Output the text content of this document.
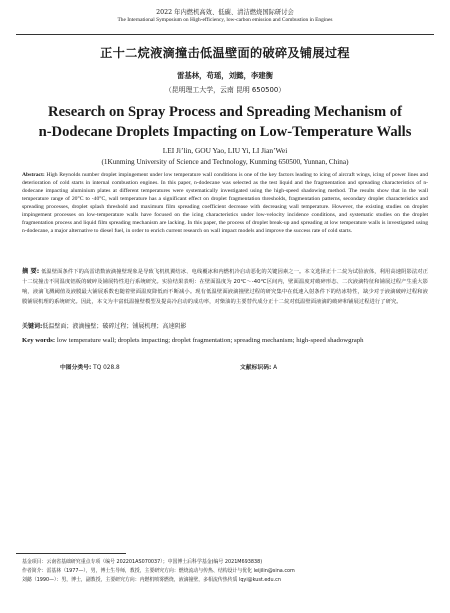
2022 年内燃机高效、低碳、清洁燃烧国际研讨会
The International Symposium on High-efficiency, low-carbon emission and Combustion in Engines
正十二烷液滴撞击低温壁面的破碎及铺展过程
雷基林，苟瑶，刘懿，李建衡
（昆明理工大学，云南 昆明 650500）
Research on Spray Process and Spreading Mechanism of
n-Dodecane Droplets Impacting on Low-Temperature Walls
LEI Ji’lin, GOU Yao, LIU Yi, LI Jian’Wei
(1Kunming University of Science and Technology, Kunming 650500, Yunnan, China)
Abstract: High Reynolds number droplet impingement under low temperature wall conditions is one of the key factors leading to icing of aircraft wings, icing of power lines and deterioration of cold starts in internal combustion engines. In this paper, n-dodecane was selected as the test liquid and the fragmentation and spreading characteristics of n-dodecane impacting aluminium plates at different temperatures were systematically investigated using the high-speed shadowing method. The results show that in the wall temperature range of 20°C to -40°C, wall temperature has a significant effect on droplet fragmentation thresholds, fragmentation patterns, secondary droplet characteristics and spreading processes, droplet splash threshold and maximum film spreading coefficient decrease with decreasing wall temperature. However, the existing studies on droplet impingement processes on low-temperature walls have focused on the icing characteristics under low-velocity incidence conditions, and systematic studies on the droplet fragmentation process and liquid film spreading mechanism are lacking. In this paper, the process of droplet break-up and spreading at low temperature walls is investigated using n-dodecane, a major alternative to diesel fuel, in order to enrich current research on wall impact models and improve the success rate of cold starts.
摘 要: 低温壁面条件下的高雷诺数液滴撞壁现象是导致飞机机翼结冰、电线覆冰和内燃机冷启动恶化的关键因素之一。本文选择正十二烷为试验液体，利用高速阴影法对正十二烷撞击不同温度铝板的破碎及铺展特性进行系统研究。实验结果表明：在壁面温度为 20℃～-40℃区间内，壁面温度对破碎形态、二次液滴特征和铺展过程产生重大影响，液滴飞溅阈值及液膜最大铺展系数也随着壁面温度降低而不断减小。现有低温壁面液滴撞壁过程的研究集中在低速入射条件下的结冰特性，缺少对于液滴破碎过程和液膜铺展机理的系统研究。因此，本文为丰富低温撞壁模型及提高冷启动的成功率，对柴油的主要替代成分正十二烷对低温壁面液滴的破碎和铺展过程进行了研究。
关键词:低温壁面；液滴撞壁；破碎过程；铺展机理；高速阴影
Key words: low temperature wall; droplets impacting; droplet fragmentation; spreading mechanism; high-speed shadowgraph
中图分类号: TQ 028.8	文献标识码: A
基金项目：云南省基础研究重点专项（编号 202201AS070037）；中国博士后科学基金(编号 2021M693838)
作者简介：雷基林（1977—），男，博士生导师，教授，主要研究方向：燃烧流动与传热、结构设计与优化 leijilin@sina.com
刘懿（1990—）：男，博士，副教授，主要研究方向：内燃机喷雾燃烧，液滴撞壁，多相流传热传质 lqyi@kust.edu.cn
